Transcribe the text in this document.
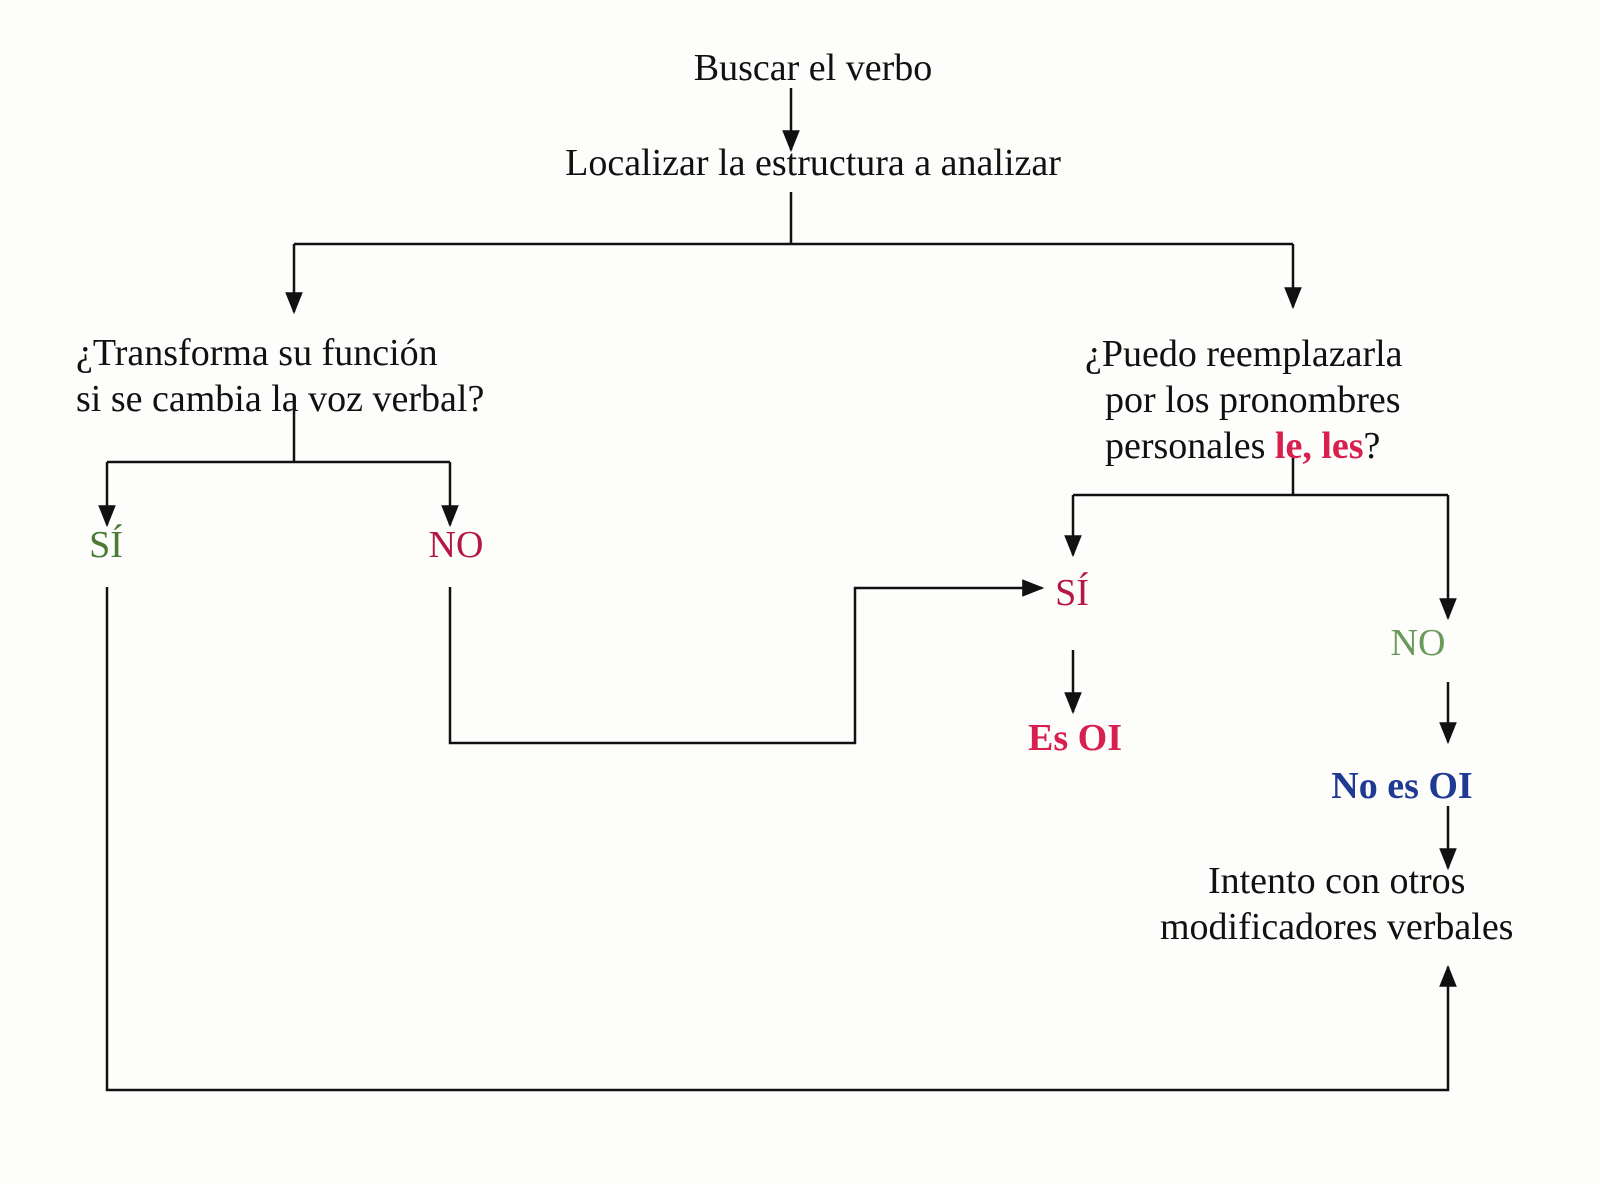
Buscar el verbo
Localizar la estructura a analizar
¿Transforma su función
si se cambia la voz verbal?
¿Puedo reemplazarla
por los pronombres
personales le, les?
SÍ	NO
SÍ
NO
Es OI
No es OI
Intento con otros
modificadores verbales
